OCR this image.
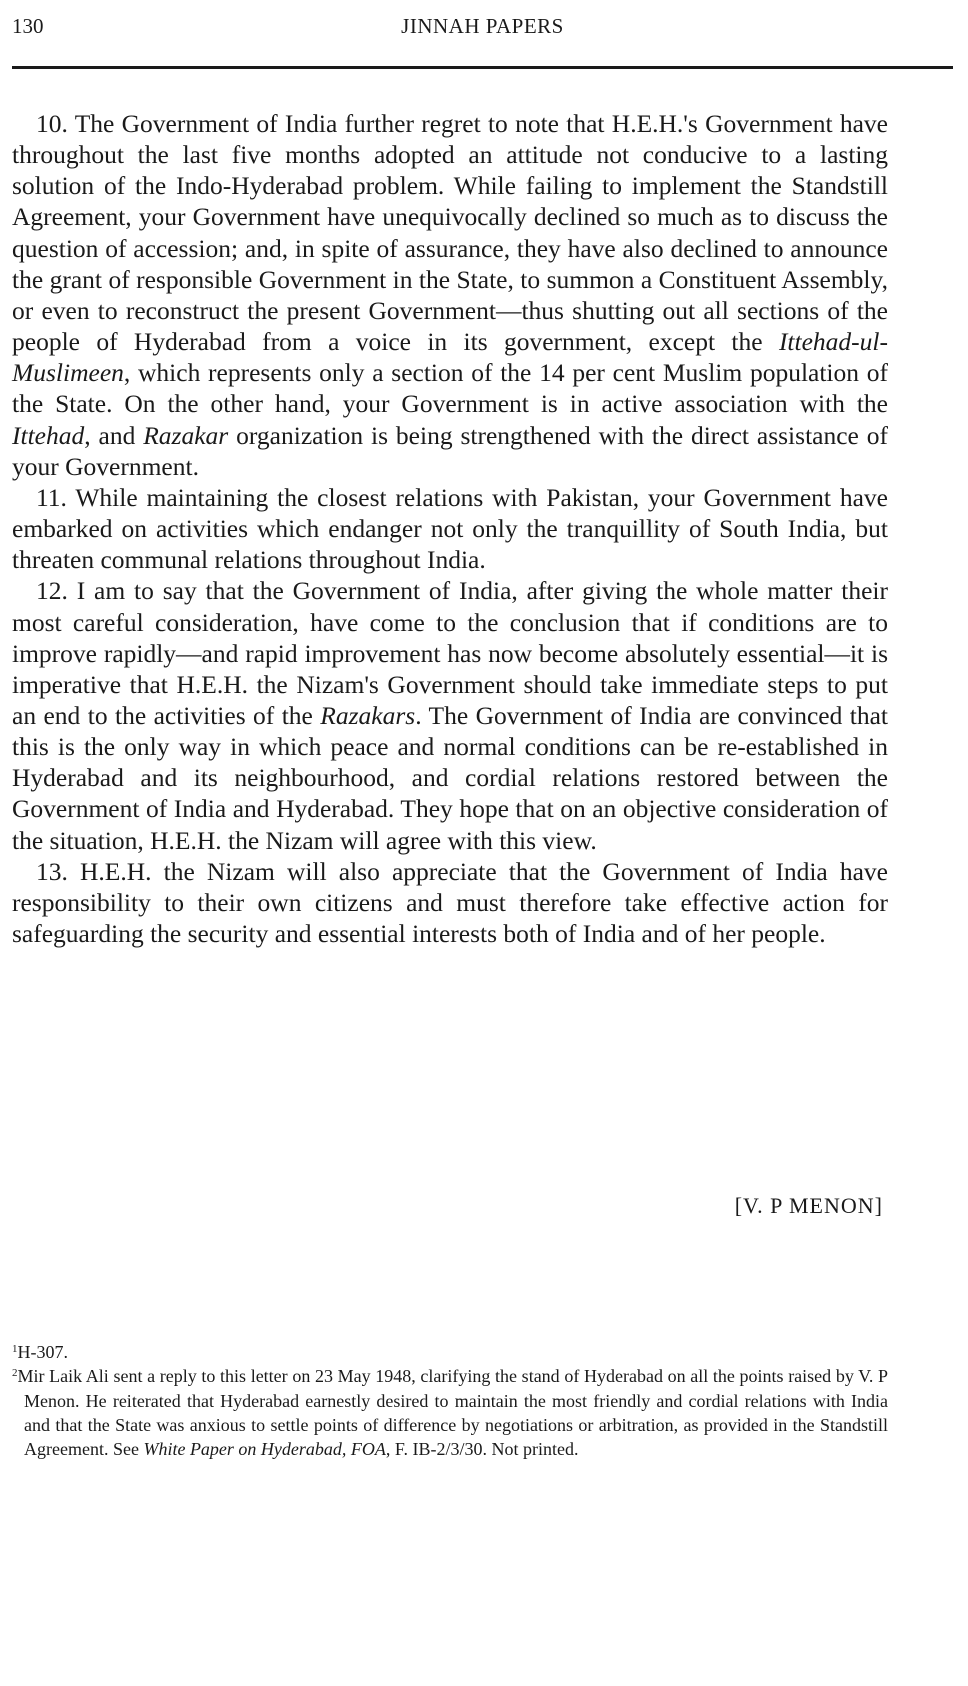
130	JINNAH PAPERS

10. The Government of India further regret to note that H.E.H.'s Government have throughout the last five months adopted an attitude not conducive to a lasting solution of the Indo-Hyderabad problem. While failing to implement the Standstill Agreement, your Government have unequivocally declined so much as to discuss the question of accession; and, in spite of assurance, they have also declined to announce the grant of responsible Government in the State, to summon a Constituent Assembly, or even to reconstruct the present Government—thus shutting out all sections of the people of Hyderabad from a voice in its government, except the Ittehad-ul-Muslimeen, which represents only a section of the 14 per cent Muslim population of the State. On the other hand, your Government is in active association with the Ittehad, and Razakar organization is being strengthened with the direct assistance of your Government.

11. While maintaining the closest relations with Pakistan, your Government have embarked on activities which endanger not only the tranquillity of South India, but threaten communal relations throughout India.

12. I am to say that the Government of India, after giving the whole matter their most careful consideration, have come to the conclusion that if conditions are to improve rapidly—and rapid improvement has now become absolutely essential—it is imperative that H.E.H. the Nizam's Government should take immediate steps to put an end to the activities of the Razakars. The Government of India are convinced that this is the only way in which peace and normal conditions can be re-established in Hyderabad and its neighbourhood, and cordial relations restored between the Government of India and Hyderabad. They hope that on an objective consideration of the situation, H.E.H. the Nizam will agree with this view.

13. H.E.H. the Nizam will also appreciate that the Government of India have responsibility to their own citizens and must therefore take effective action for safeguarding the security and essential interests both of India and of her people.

[V. P MENON]

$^1$H-307.

$^2$Mir Laik Ali sent a reply to this letter on 23 May 1948, clarifying the stand of Hyderabad on all the points raised by V. P Menon. He reiterated that Hyderabad earnestly desired to maintain the most friendly and cordial relations with India and that the State was anxious to settle points of difference by negotiations or arbitration, as provided in the Standstill Agreement. See White Paper on Hyderabad, FOA, F. IB-2/3/30. Not printed.
